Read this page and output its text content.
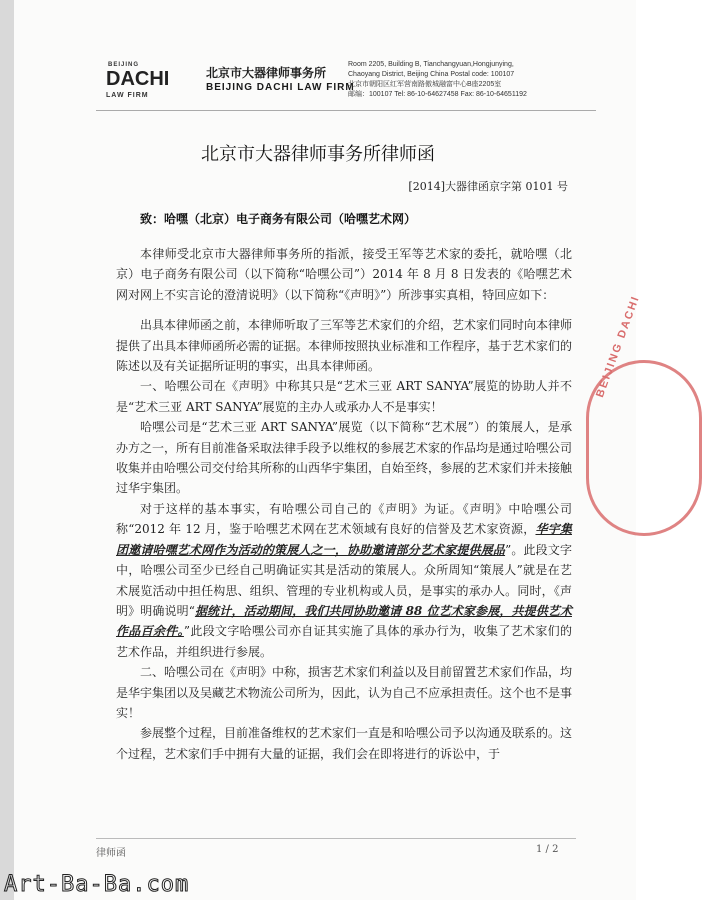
BEIJING
DACHI
LAW FIRM
北京市大器律师事务所
BEIJING DACHI LAW FIRM
Room 2205, Building B, Tianchangyuan,Hongjunying,
Chaoyang District, Beijing China Postal code: 100107
北京市朝阳区红军营南路傲城融富中心B座2205室
邮编：100107 Tel: 86-10-64627458 Fax: 86-10-64651192
北京市大器律师事务所律师函
[2014]大器律函京字第 0101 号
致：哈嘿（北京）电子商务有限公司（哈嘿艺术网）

本律师受北京市大器律师事务所的指派，接受王军等艺术家的委托，就哈嘿（北京）电子商务有限公司（以下简称“哈嘿公司”）2014 年 8 月 8 日发表的《哈嘿艺术网对网上不实言论的澄清说明》（以下简称“《声明》”）所涉事实真相，特回应如下：

出具本律师函之前，本律师听取了三军等艺术家们的介绍，艺术家们同时向本律师提供了出具本律师函所必需的证据。本律师按照执业标准和工作程序，基于艺术家们的陈述以及有关证据所证明的事实，出具本律师函。

一、哈嘿公司在《声明》中称其只是“艺术三亚 ART SANYA”展览的协助人并不是“艺术三亚 ART SANYA”展览的主办人或承办人不是事实！

哈嘿公司是“艺术三亚 ART SANYA”展览（以下简称“艺术展”）的策展人，是承办方之一，所有目前准备采取法律手段予以维权的参展艺术家的作品均是通过哈嘿公司收集并由哈嘿公司交付给其所称的山西华宇集团，自始至终，参展的艺术家们并未接触过华宇集团。

对于这样的基本事实，有哈嘿公司自己的《声明》为证。《声明》中哈嘿公司称“2012 年 12 月，鉴于哈嘿艺术网在艺术领域有良好的信誉及艺术家资源，华宇集团邀请哈嘿艺术网作为活动的策展人之一，协助邀请部分艺术家提供展品”。此段文字中，哈嘿公司至少已经自己明确证实其是活动的策展人。众所周知“策展人”就是在艺术展览活动中担任构思、组织、管理的专业机构或人员，是事实的承办人。同时，《声明》明确说明“据统计，活动期间，我们共同协助邀请 88 位艺术家参展，共提供艺术作品百余件。”此段文字哈嘿公司亦自证其实施了具体的承办行为，收集了艺术家们的艺术作品，并组织进行参展。

二、哈嘿公司在《声明》中称，损害艺术家们利益以及目前留置艺术家们作品，均是华宇集团以及吴藏艺术物流公司所为，因此，认为自己不应承担责任。这个也不是事实！

参展整个过程，目前准备维权的艺术家们一直是和哈嘿公司予以沟通及联系的。这个过程，艺术家们手中拥有大量的证据，我们会在即将进行的诉讼中，于

BEIJING DACHI
律师函	1 / 2
Art-Ba-Ba.com
